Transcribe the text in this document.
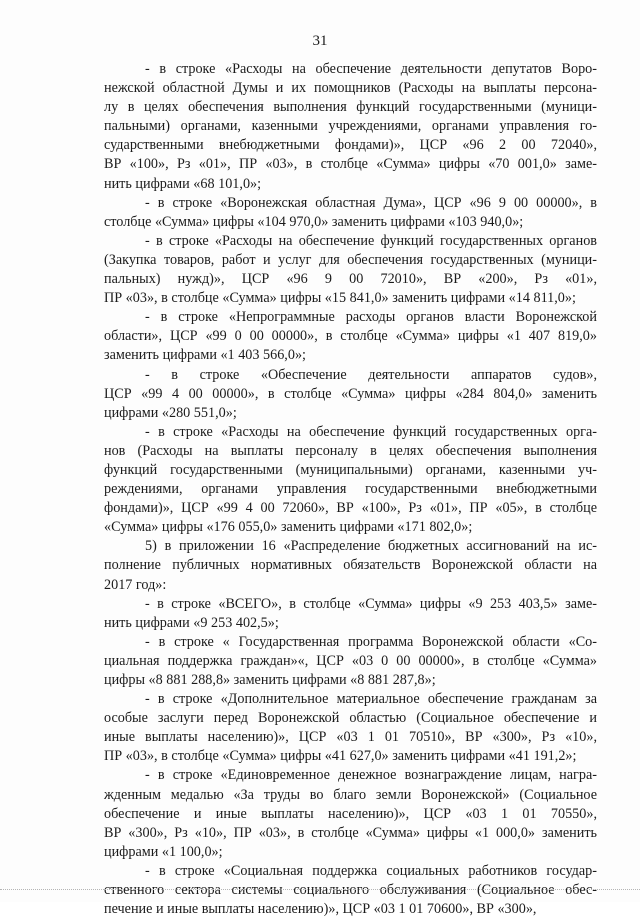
31
- в строке «Расходы на обеспечение деятельности депутатов Воро-
нежской областной Думы и их помощников (Расходы на выплаты персона-
лу в целях обеспечения выполнения функций государственными (муници-
пальными) органами, казенными учреждениями, органами управления го-
сударственными внебюджетными фондами)», ЦСР «96 2 00 72040»,
ВР «100», Рз «01», ПР «03», в столбце «Сумма» цифры «70 001,0» заме-
нить цифрами «68 101,0»;
- в строке «Воронежская областная Дума», ЦСР «96 9 00 00000», в
столбце «Сумма» цифры «104 970,0» заменить цифрами «103 940,0»;
- в строке «Расходы на обеспечение функций государственных органов
(Закупка товаров, работ и услуг для обеспечения государственных (муници-
пальных) нужд)», ЦСР «96 9 00 72010», ВР «200», Рз «01»,
ПР «03», в столбце «Сумма» цифры «15 841,0» заменить цифрами «14 811,0»;
- в строке «Непрограммные расходы органов власти Воронежской
области», ЦСР «99 0 00 00000», в столбце «Сумма» цифры «1 407 819,0»
заменить цифрами «1 403 566,0»;
- в строке «Обеспечение деятельности аппаратов судов»,
ЦСР «99 4 00 00000», в столбце «Сумма» цифры «284 804,0» заменить
цифрами «280 551,0»;
- в строке «Расходы на обеспечение функций государственных орга-
нов (Расходы на выплаты персоналу в целях обеспечения выполнения
функций государственными (муниципальными) органами, казенными уч-
реждениями, органами управления государственными внебюджетными
фондами)», ЦСР «99 4 00 72060», ВР «100», Рз «01», ПР «05», в столбце
«Сумма» цифры «176 055,0» заменить цифрами «171 802,0»;
5) в приложении 16 «Распределение бюджетных ассигнований на ис-
полнение публичных нормативных обязательств Воронежской области на
2017 год»:
- в строке «ВСЕГО», в столбце «Сумма» цифры «9 253 403,5» заме-
нить цифрами «9 253 402,5»;
- в строке « Государственная программа Воронежской области «Со-
циальная поддержка граждан»«, ЦСР «03 0 00 00000», в столбце «Сумма»
цифры «8 881 288,8» заменить цифрами «8 881 287,8»;
- в строке «Дополнительное материальное обеспечение гражданам за
особые заслуги перед Воронежской областью (Социальное обеспечение и
иные выплаты населению)», ЦСР «03 1 01 70510», ВР «300», Рз «10»,
ПР «03», в столбце «Сумма» цифры «41 627,0» заменить цифрами «41 191,2»;
- в строке «Единовременное денежное вознаграждение лицам, награ-
жденным медалью «За труды во благо земли Воронежской» (Социальное
обеспечение и иные выплаты населению)», ЦСР «03 1 01 70550»,
ВР «300», Рз «10», ПР «03», в столбце «Сумма» цифры «1 000,0» заменить
цифрами «1 100,0»;
- в строке «Социальная поддержка социальных работников государ-
ственного сектора системы социального обслуживания (Социальное обес-
печение и иные выплаты населению)», ЦСР «03 1 01 70600», ВР «300»,
